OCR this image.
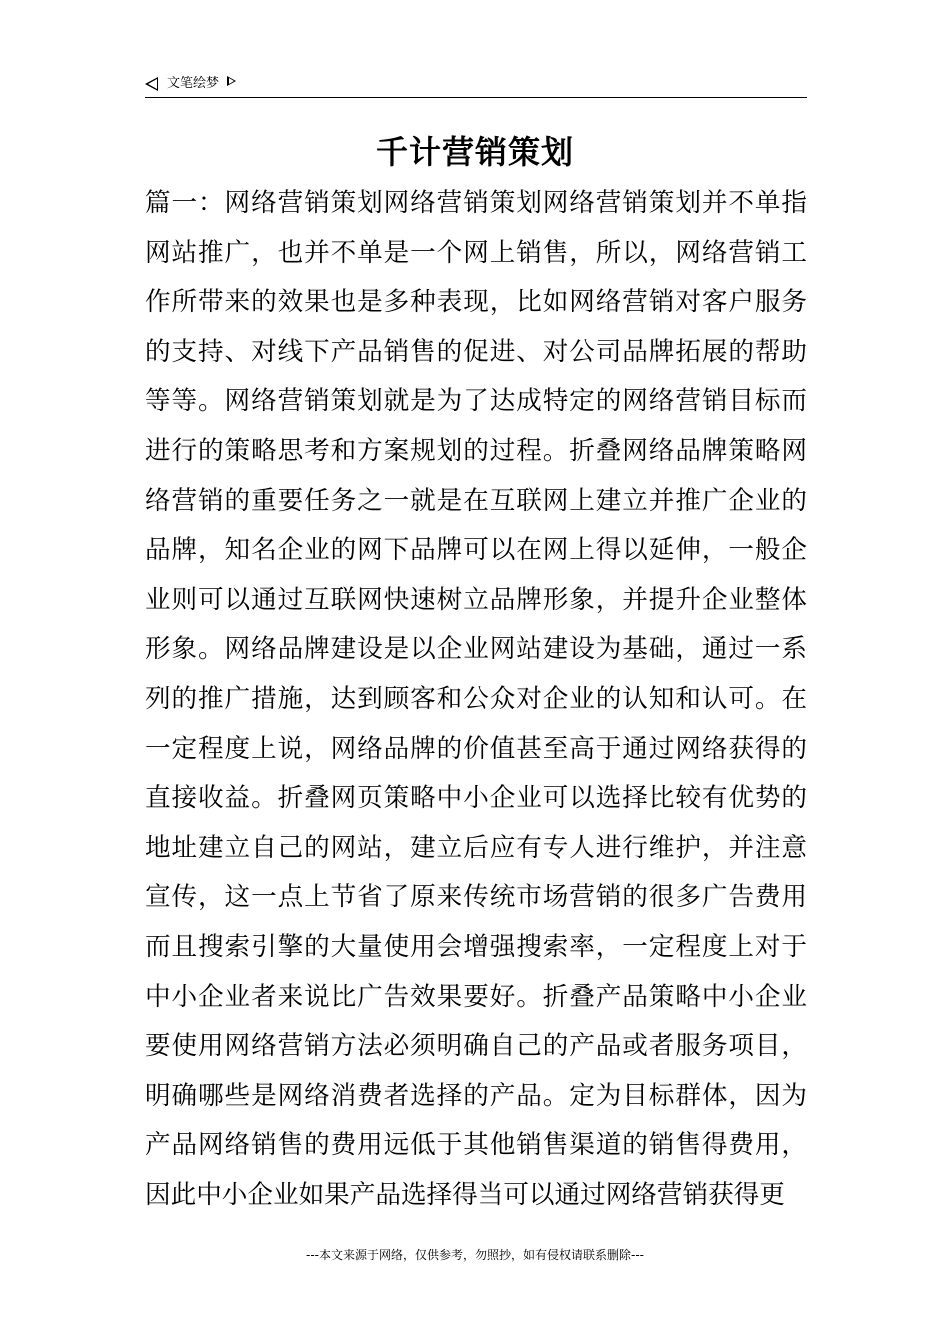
文笔绘梦
千计营销策划

篇一：网络营销策划网络营销策划网络营销策划并不单指网站推广，也并不单是一个网上销售，所以，网络营销工作所带来的效果也是多种表现，比如网络营销对客户服务的支持、对线下产品销售的促进、对公司品牌拓展的帮助等等。网络营销策划就是为了达成特定的网络营销目标而进行的策略思考和方案规划的过程。折叠网络品牌策略网络营销的重要任务之一就是在互联网上建立并推广企业的品牌，知名企业的网下品牌可以在网上得以延伸，一般企业则可以通过互联网快速树立品牌形象，并提升企业整体形象。网络品牌建设是以企业网站建设为基础，通过一系列的推广措施，达到顾客和公众对企业的认知和认可。在一定程度上说，网络品牌的价值甚至高于通过网络获得的直接收益。折叠网页策略中小企业可以选择比较有优势的地址建立自己的网站，建立后应有专人进行维护，并注意宣传，这一点上节省了原来传统市场营销的很多广告费用而且搜索引擎的大量使用会增强搜索率，一定程度上对于中小企业者来说比广告效果要好。折叠产品策略中小企业要使用网络营销方法必须明确自己的产品或者服务项目，明确哪些是网络消费者选择的产品。定为目标群体，因为产品网络销售的费用远低于其他销售渠道的销售得费用，因此中小企业如果产品选择得当可以通过网络营销获得更

---本文来源于网络，仅供参考，勿照抄，如有侵权请联系删除---
